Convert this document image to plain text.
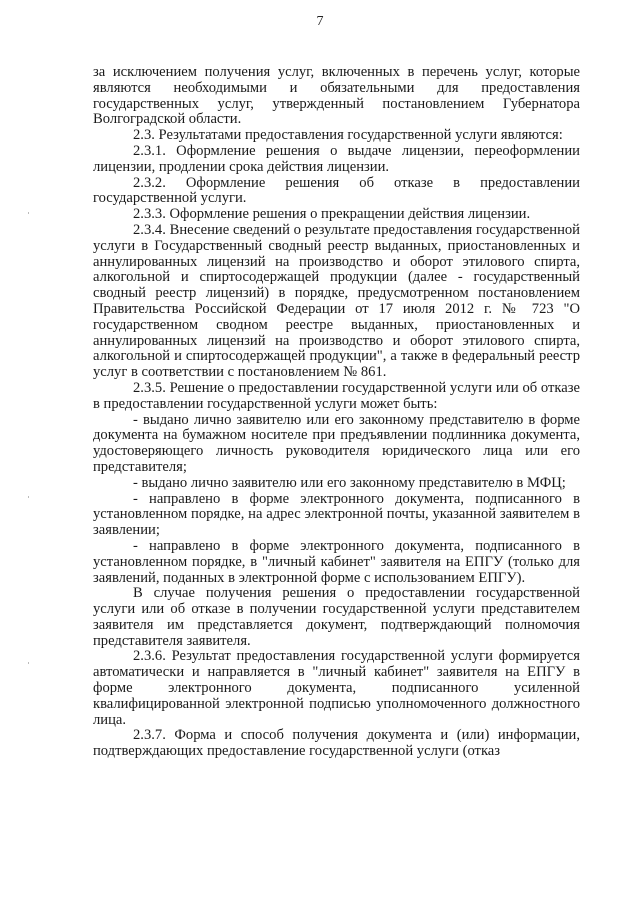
7

за исключением получения услуг, включенных в перечень услуг, которые являются необходимыми и обязательными для предоставления государственных услуг, утвержденный постановлением Губернатора Волгоградской области.

2.3. Результатами предоставления государственной услуги являются:

2.3.1. Оформление решения о выдаче лицензии, переоформлении лицензии, продлении срока действия лицензии.

2.3.2. Оформление решения об отказе в предоставлении государственной услуги.

2.3.3. Оформление решения о прекращении действия лицензии.

2.3.4. Внесение сведений о результате предоставления государственной услуги в Государственный сводный реестр выданных, приостановленных и аннулированных лицензий на производство и оборот этилового спирта, алкогольной и спиртосодержащей продукции (далее - государственный сводный реестр лицензий) в порядке, предусмотренном постановлением Правительства Российской Федерации от 17 июля 2012 г. № 723 "О государственном сводном реестре выданных, приостановленных и аннулированных лицензий на производство и оборот этилового спирта, алкогольной и спиртосодержащей продукции", а также в федеральный реестр услуг в соответствии с постановлением № 861.

2.3.5. Решение о предоставлении государственной услуги или об отказе в предоставлении государственной услуги может быть:

- выдано лично заявителю или его законному представителю в форме документа на бумажном носителе при предъявлении подлинника документа, удостоверяющего личность руководителя юридического лица или его представителя;

- выдано лично заявителю или его законному представителю в МФЦ;

- направлено в форме электронного документа, подписанного в установленном порядке, на адрес электронной почты, указанной заявителем в заявлении;

- направлено в форме электронного документа, подписанного в установленном порядке, в "личный кабинет" заявителя на ЕПГУ (только для заявлений, поданных в электронной форме с использованием ЕПГУ).

В случае получения решения о предоставлении государственной услуги или об отказе в получении государственной услуги представителем заявителя им представляется документ, подтверждающий полномочия представителя заявителя.

2.3.6. Результат предоставления государственной услуги формируется автоматически и направляется в "личный кабинет" заявителя на ЕПГУ в форме электронного документа, подписанного усиленной квалифицированной электронной подписью уполномоченного должностного лица.

2.3.7. Форма и способ получения документа и (или) информации, подтверждающих предоставление государственной услуги (отказ
